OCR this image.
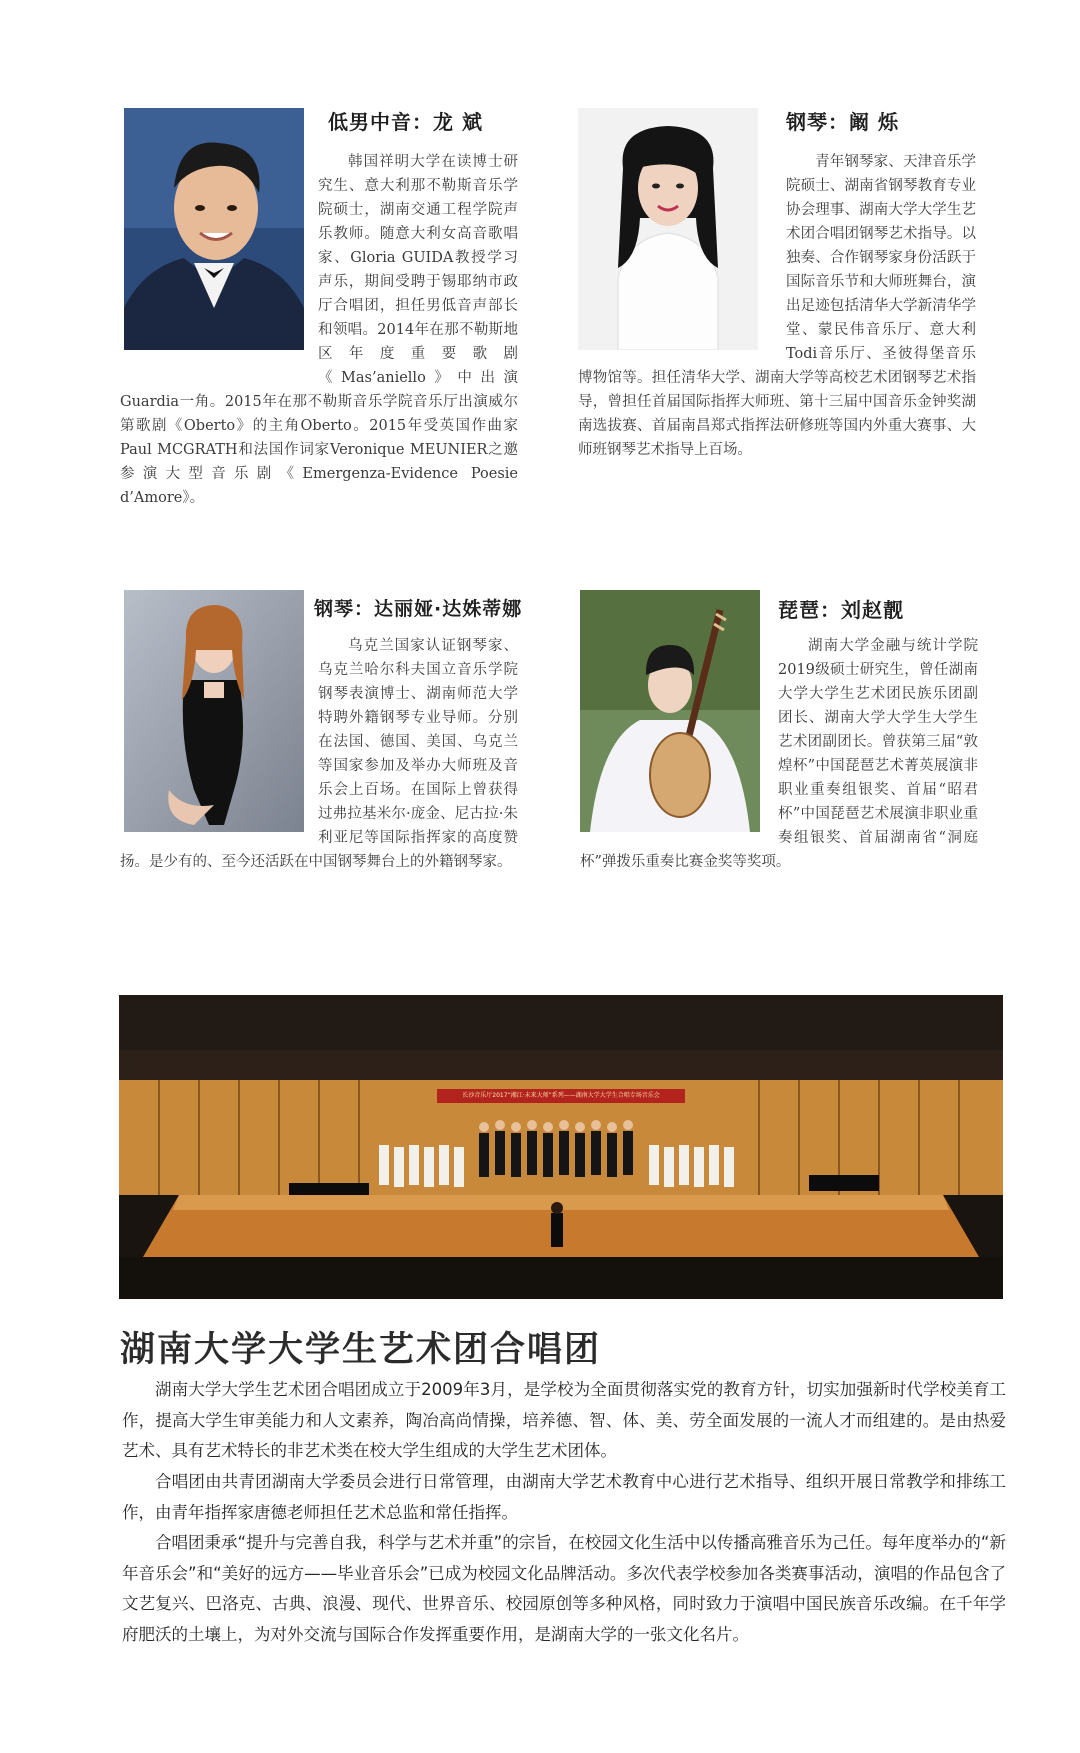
低男中音：龙 斌

韩国祥明大学在读博士研究生、意大利那不勒斯音乐学院硕士，湖南交通工程学院声乐教师。随意大利女高音歌唱家、Gloria GUIDA教授学习声乐，期间受聘于锡耶纳市政厅合唱团，担任男低音声部长和领唱。2014年在那不勒斯地区年度重要歌剧《Mas’aniello》中出演Guardia一角。2015年在那不勒斯音乐学院音乐厅出演威尔第歌剧《Oberto》的主角Oberto。2015年受英国作曲家Paul MCGRATH和法国作词家Veronique MEUNIER之邀参演大型音乐剧《Emergenza-Evidence Poesie d’Amore》。

钢琴：阚 烁

青年钢琴家、天津音乐学院硕士、湖南省钢琴教育专业协会理事、湖南大学大学生艺术团合唱团钢琴艺术指导。以独奏、合作钢琴家身份活跃于国际音乐节和大师班舞台，演出足迹包括清华大学新清华学堂、蒙民伟音乐厅、意大利Todi音乐厅、圣彼得堡音乐博物馆等。担任清华大学、湖南大学等高校艺术团钢琴艺术指导，曾担任首届国际指挥大师班、第十三届中国音乐金钟奖湖南选拔赛、首届南昌郑式指挥法研修班等国内外重大赛事、大师班钢琴艺术指导上百场。

钢琴：达丽娅·达姝蒂娜

乌克兰国家认证钢琴家、乌克兰哈尔科夫国立音乐学院钢琴表演博士、湖南师范大学特聘外籍钢琴专业导师。分别在法国、德国、美国、乌克兰等国家参加及举办大师班及音乐会上百场。在国际上曾获得过弗拉基米尔·庞金、尼古拉·朱利亚尼等国际指挥家的高度赞扬。是少有的、至今还活跃在中国钢琴舞台上的外籍钢琴家。

琵琶：刘赵靓

湖南大学金融与统计学院2019级硕士研究生，曾任湖南大学大学生艺术团民族乐团副团长、湖南大学大学生大学生艺术团副团长。曾获第三届“敦煌杯”中国琵琶艺术菁英展演非职业重奏组银奖、首届“昭君杯”中国琵琶艺术展演非职业重奏组银奖、首届湖南省“洞庭杯”弹拨乐重奏比赛金奖等奖项。

长沙音乐厅2017“湘江·未来大师”系列——湖南大学大学生合唱专场音乐会
湖南大学大学生艺术团合唱团

湖南大学大学生艺术团合唱团成立于2009年3月，是学校为全面贯彻落实党的教育方针，切实加强新时代学校美育工作，提高大学生审美能力和人文素养，陶冶高尚情操，培养德、智、体、美、劳全面发展的一流人才而组建的。是由热爱艺术、具有艺术特长的非艺术类在校大学生组成的大学生艺术团体。

合唱团由共青团湖南大学委员会进行日常管理，由湖南大学艺术教育中心进行艺术指导、组织开展日常教学和排练工作，由青年指挥家唐德老师担任艺术总监和常任指挥。

合唱团秉承“提升与完善自我，科学与艺术并重”的宗旨，在校园文化生活中以传播高雅音乐为己任。每年度举办的“新年音乐会”和“美好的远方——毕业音乐会”已成为校园文化品牌活动。多次代表学校参加各类赛事活动，演唱的作品包含了文艺复兴、巴洛克、古典、浪漫、现代、世界音乐、校园原创等多种风格，同时致力于演唱中国民族音乐改编。在千年学府肥沃的土壤上，为对外交流与国际合作发挥重要作用，是湖南大学的一张文化名片。
